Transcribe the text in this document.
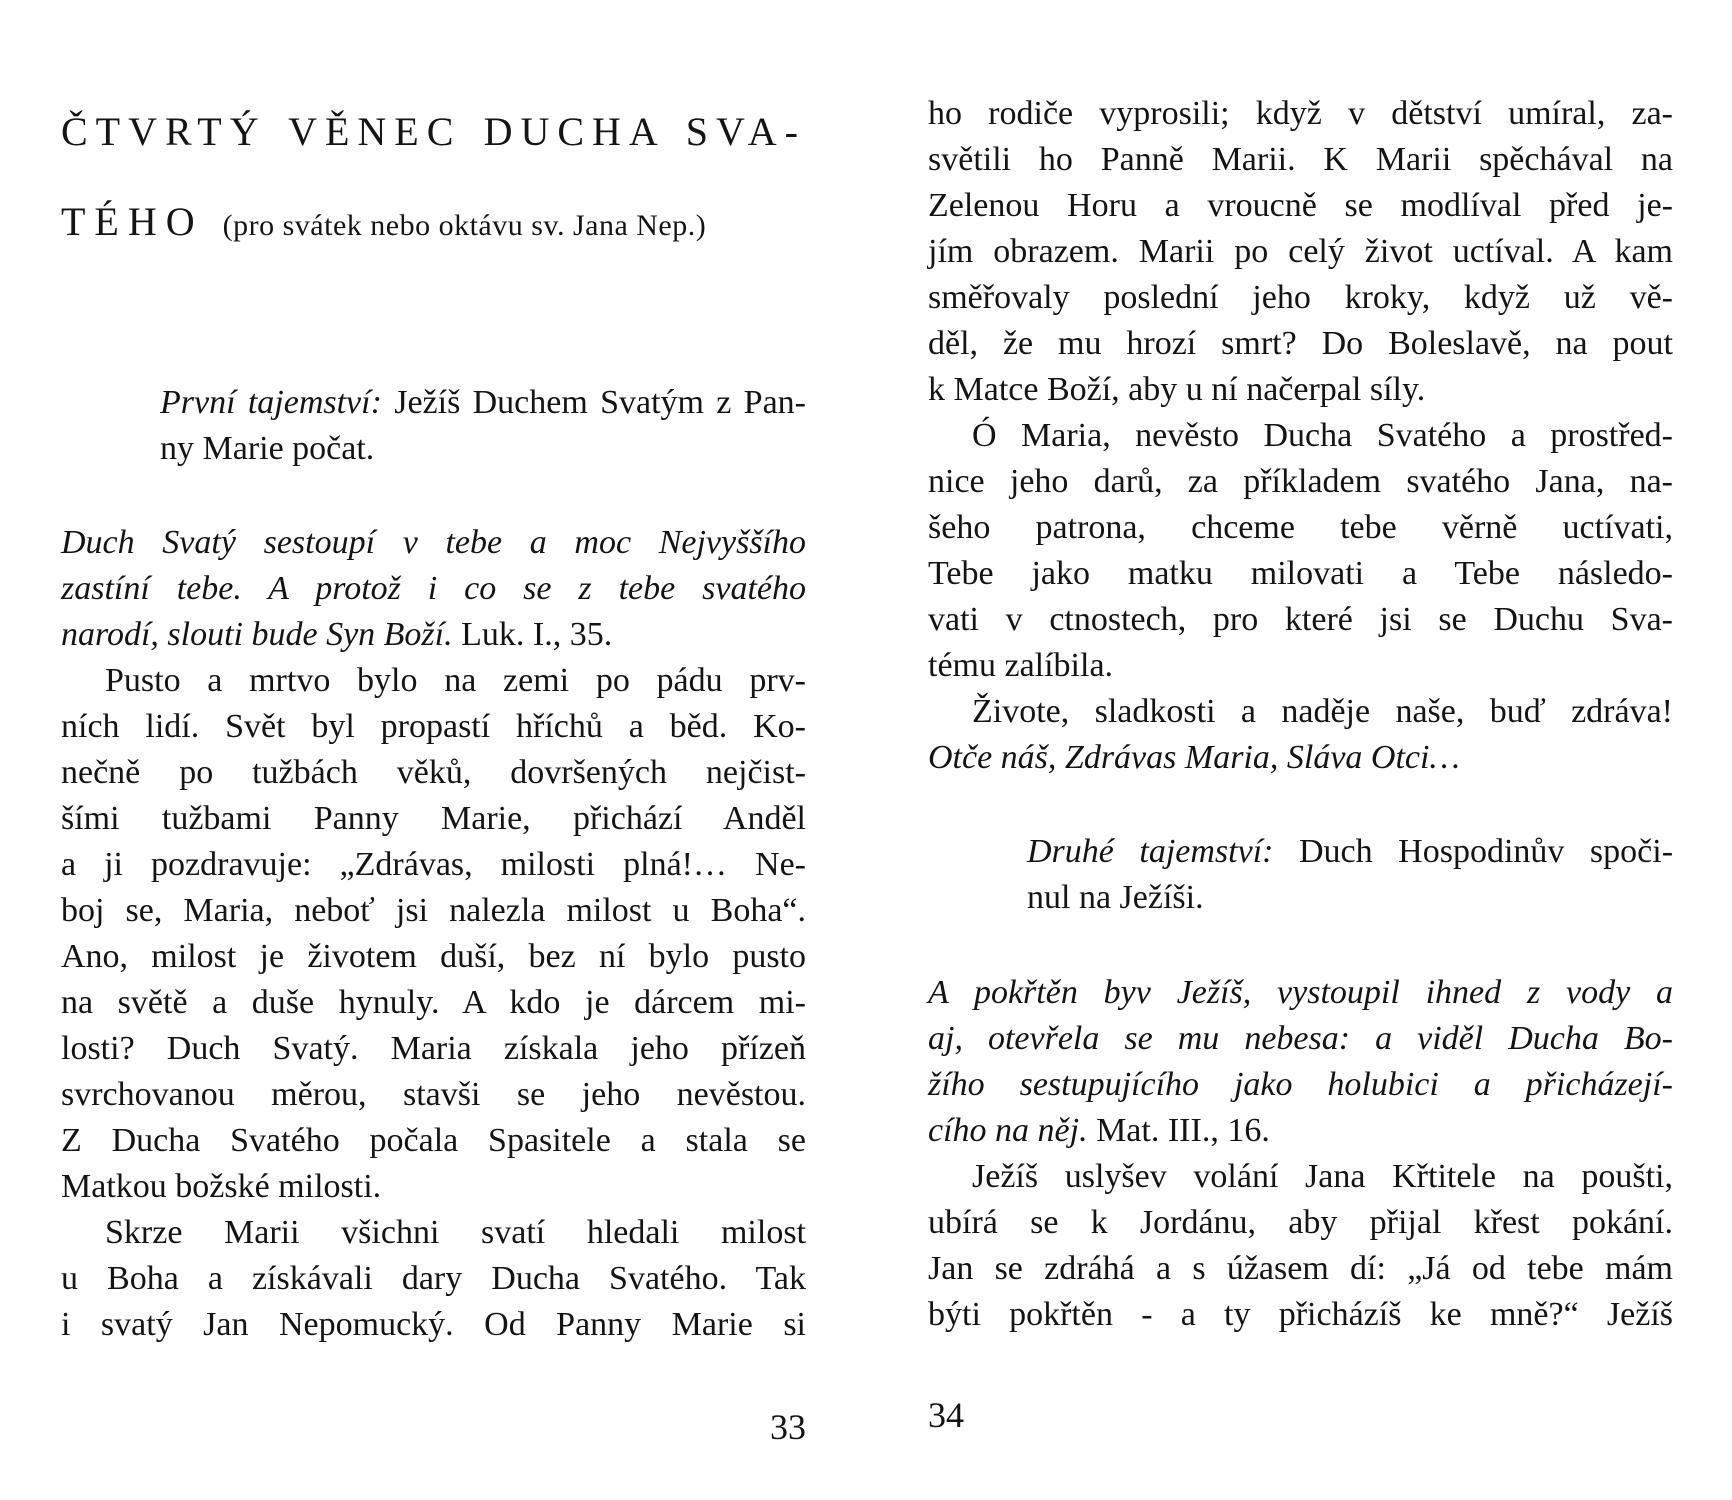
ČTVRTÝ VĚNEC DUCHA SVA-
TÉHO (pro svátek nebo oktávu sv. Jana Nep.)
První tajemství: Ježíš Duchem Svatým z Pan-
ny Marie počat.
Duch Svatý sestoupí v tebe a moc Nejvyššího
zastíní tebe. A protož i co se z tebe svatého
narodí, slouti bude Syn Boží. Luk. I., 35.
Pusto a mrtvo bylo na zemi po pádu prv-
ních lidí. Svět byl propastí hříchů a běd. Ko-
nečně po tužbách věků, dovršených nejčist-
šími tužbami Panny Marie, přichází Anděl
a ji pozdravuje: „Zdrávas, milosti plná!… Ne-
boj se, Maria, neboť jsi nalezla milost u Boha“.
Ano, milost je životem duší, bez ní bylo pusto
na světě a duše hynuly. A kdo je dárcem mi-
losti? Duch Svatý. Maria získala jeho přízeň
svrchovanou měrou, stavši se jeho nevěstou.
Z Ducha Svatého počala Spasitele a stala se
Matkou božské milosti.
Skrze Marii všichni svatí hledali milost
u Boha a získávali dary Ducha Svatého. Tak
i svatý Jan Nepomucký. Od Panny Marie si
33
ho rodiče vyprosili; když v dětství umíral, za-
světili ho Panně Marii. K Marii spěchával na
Zelenou Horu a vroucně se modlíval před je-
jím obrazem. Marii po celý život uctíval. A kam
směřovaly poslední jeho kroky, když už vě-
děl, že mu hrozí smrt? Do Boleslavě, na pout
k Matce Boží, aby u ní načerpal síly.
Ó Maria, nevěsto Ducha Svatého a prostřed-
nice jeho darů, za příkladem svatého Jana, na-
šeho patrona, chceme tebe věrně uctívati,
Tebe jako matku milovati a Tebe následo-
vati v ctnostech, pro které jsi se Duchu Sva-
tému zalíbila.
Živote, sladkosti a naděje naše, buď zdráva!
Otče náš, Zdrávas Maria, Sláva Otci…
Druhé tajemství: Duch Hospodinův spoči-
nul na Ježíši.
A pokřtěn byv Ježíš, vystoupil ihned z vody a
aj, otevřela se mu nebesa: a viděl Ducha Bo-
žího sestupujícího jako holubici a přicházejí-
cího na něj. Mat. III., 16.
Ježíš uslyšev volání Jana Křtitele na poušti,
ubírá se k Jordánu, aby přijal křest pokání.
Jan se zdráhá a s úžasem dí: „Já od tebe mám
býti pokřtěn - a ty přicházíš ke mně?“ Ježíš
34
